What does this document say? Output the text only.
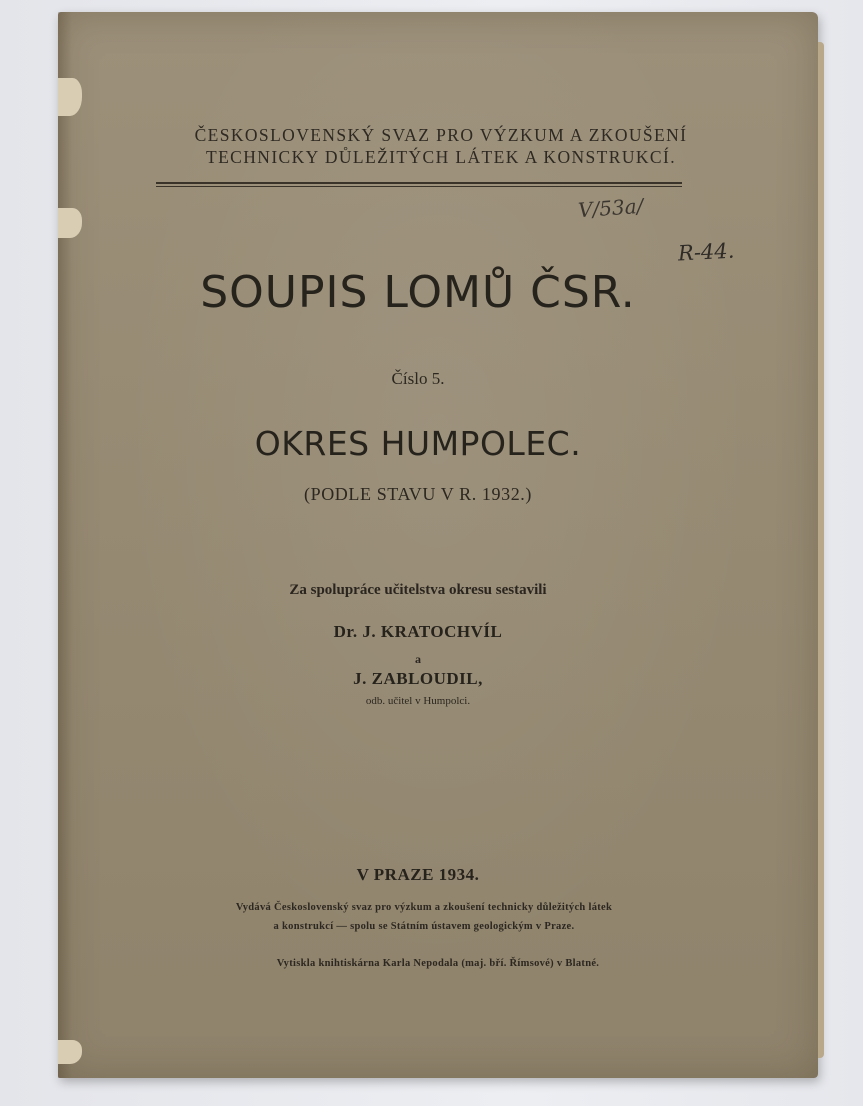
ČESKOSLOVENSKÝ SVAZ PRO VÝZKUM A ZKOUŠENÍ
TECHNICKY DŮLEŽITÝCH LÁTEK A KONSTRUKCÍ.
V/53a/
R-44.
SOUPIS LOMŮ ČSR.
Číslo 5.
OKRES HUMPOLEC.
(PODLE STAVU V R. 1932.)
Za spolupráce učitelstva okresu sestavili
Dr. J. KRATOCHVÍL
a
J. ZABLOUDIL,
odb. učitel v Humpolci.
V PRAZE 1934.
Vydává Československý svaz pro výzkum a zkoušení technicky důležitých látek
a konstrukcí — spolu se Státním ústavem geologickým v Praze.
Vytiskla knihtiskárna Karla Nepodala (maj. bří. Římsové) v Blatné.
